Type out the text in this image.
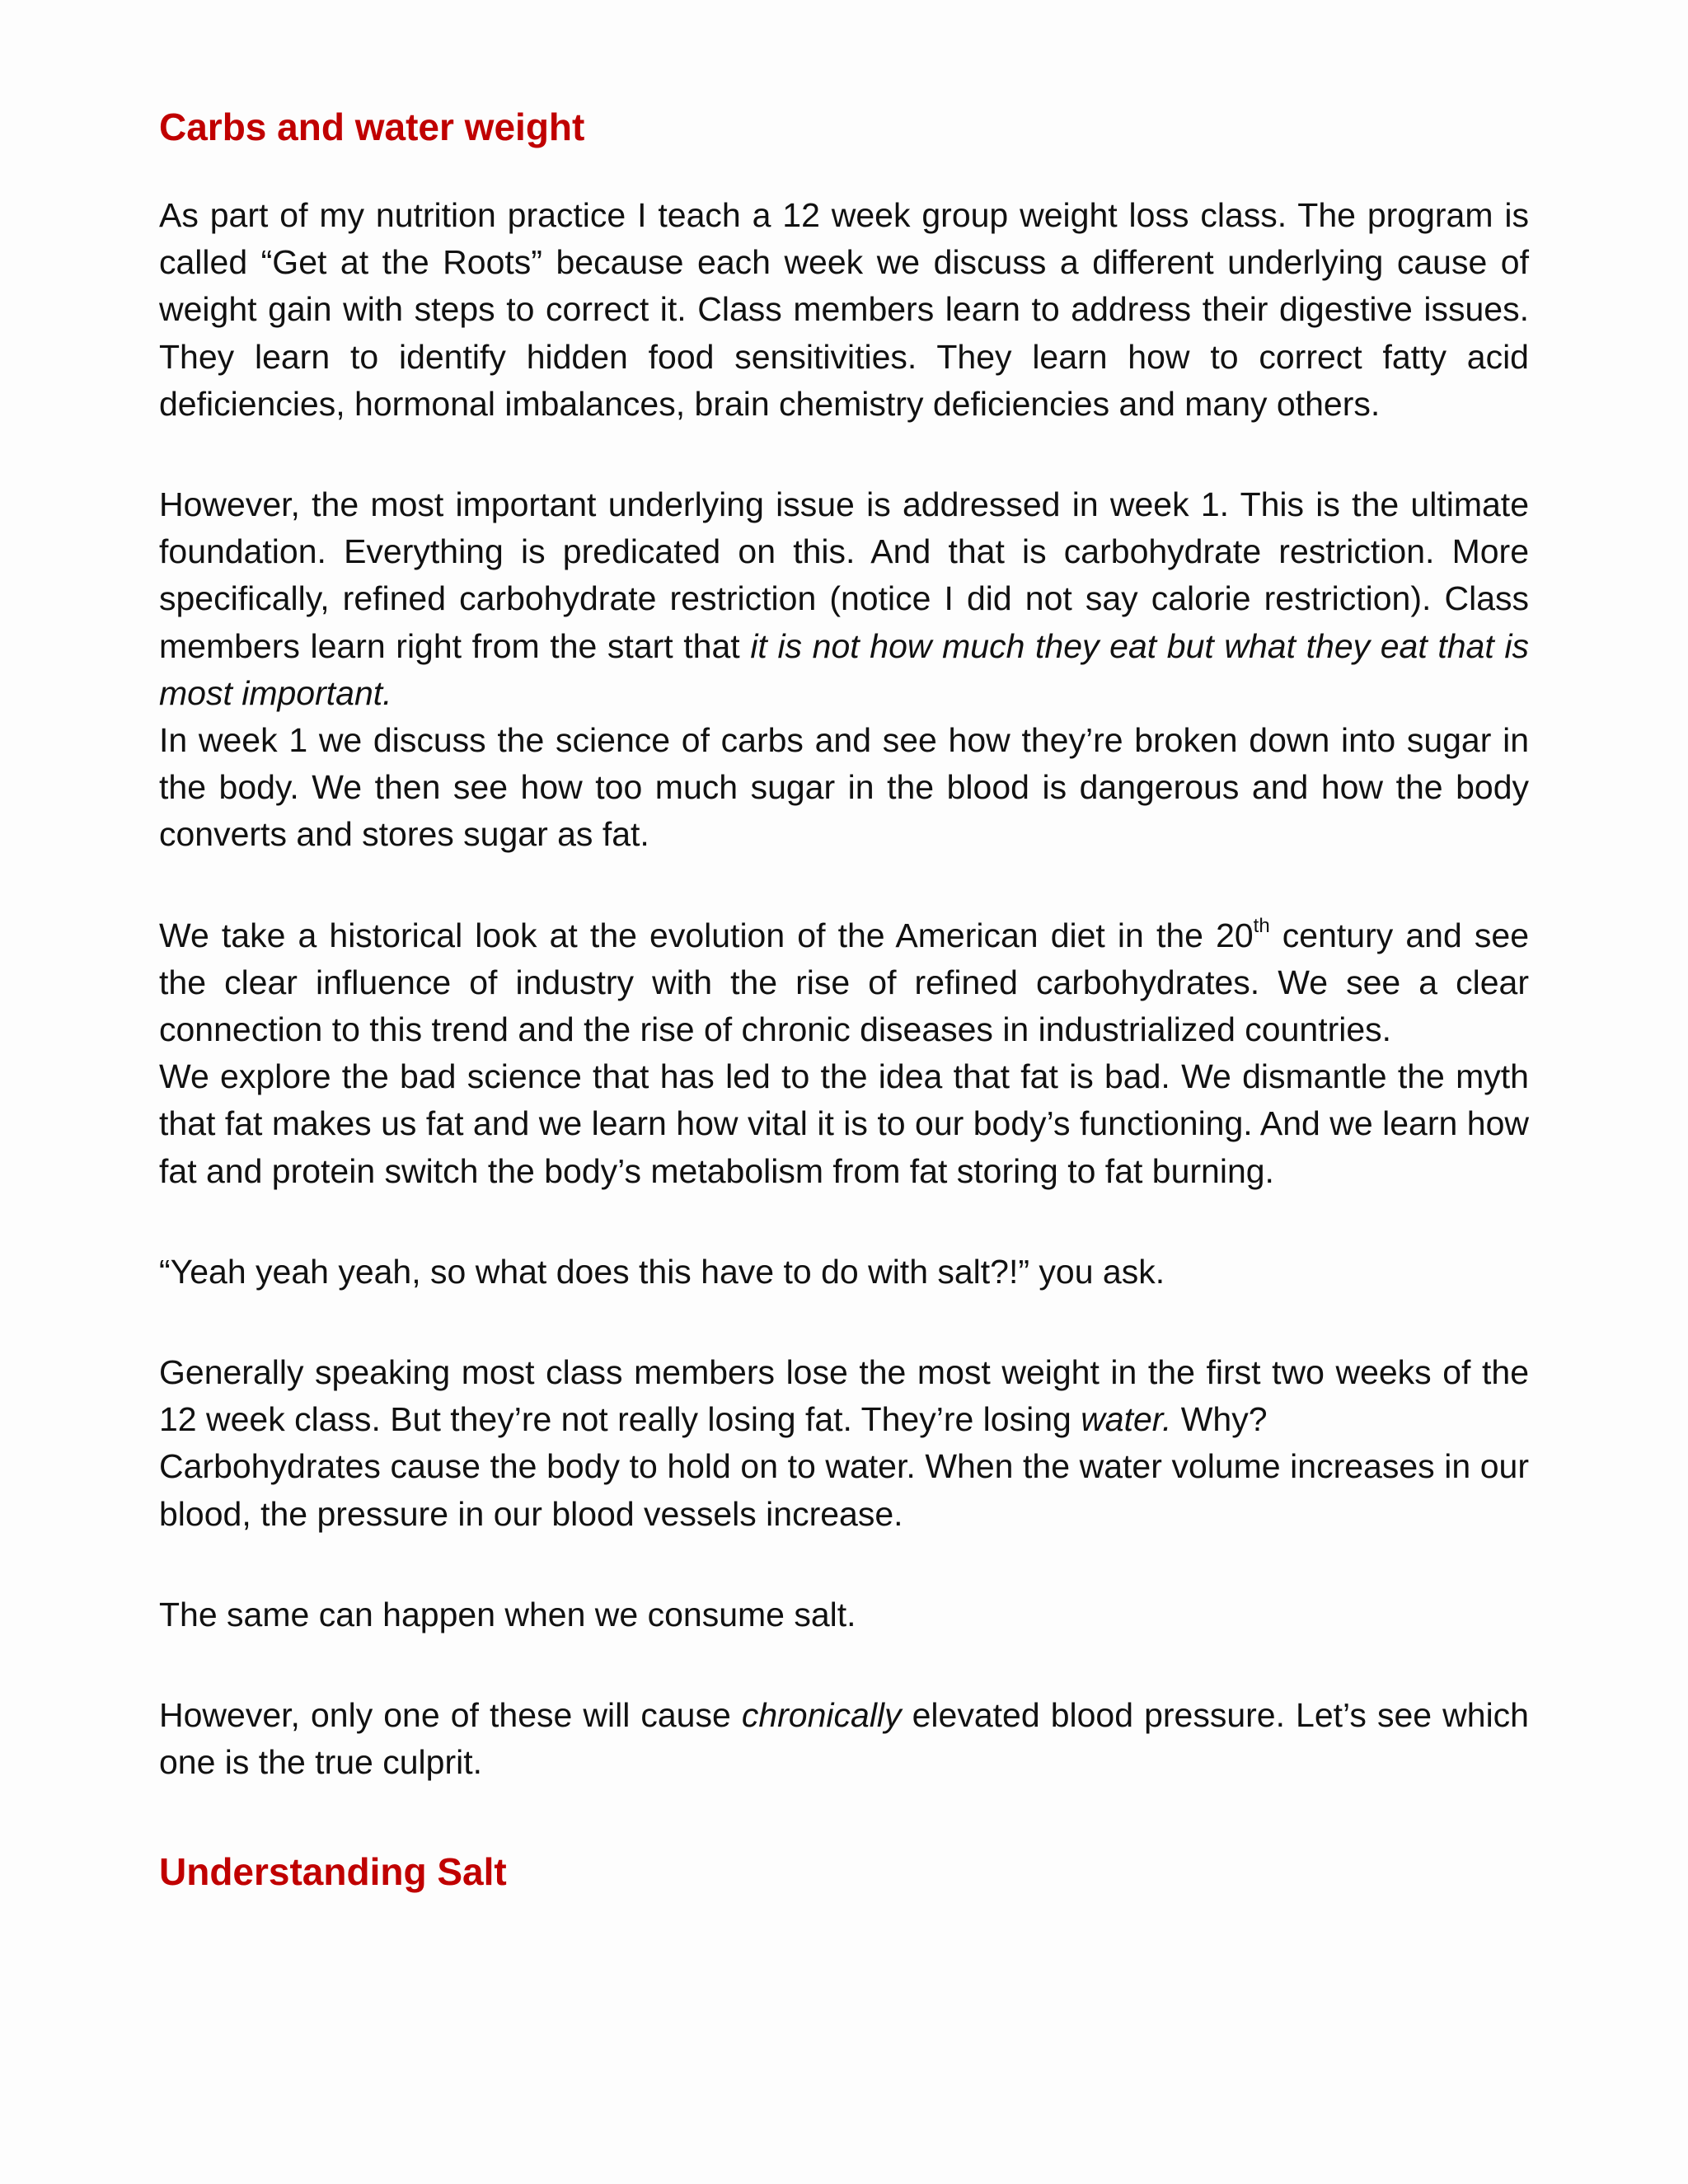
Carbs and water weight

As part of my nutrition practice I teach a 12 week group weight loss class. The program is called “Get at the Roots” because each week we discuss a different underlying cause of weight gain with steps to correct it. Class members learn to address their digestive issues. They learn to identify hidden food sensitivities. They learn how to correct fatty acid deficiencies, hormonal imbalances, brain chemistry deficiencies and many others.

However, the most important underlying issue is addressed in week 1. This is the ultimate foundation. Everything is predicated on this. And that is carbohydrate restriction. More specifically, refined carbohydrate restriction (notice I did not say calorie restriction). Class members learn right from the start that it is not how much they eat but what they eat that is most important.

In week 1 we discuss the science of carbs and see how they’re broken down into sugar in the body. We then see how too much sugar in the blood is dangerous and how the body converts and stores sugar as fat.

We take a historical look at the evolution of the American diet in the 20th century and see the clear influence of industry with the rise of refined carbohydrates. We see a clear connection to this trend and the rise of chronic diseases in industrialized countries.

We explore the bad science that has led to the idea that fat is bad. We dismantle the myth that fat makes us fat and we learn how vital it is to our body’s functioning. And we learn how fat and protein switch the body’s metabolism from fat storing to fat burning.

“Yeah yeah yeah, so what does this have to do with salt?!” you ask.

Generally speaking most class members lose the most weight in the first two weeks of the 12 week class. But they’re not really losing fat. They’re losing water. Why?

Carbohydrates cause the body to hold on to water. When the water volume increases in our blood, the pressure in our blood vessels increase.

The same can happen when we consume salt.

However, only one of these will cause chronically elevated blood pressure. Let’s see which one is the true culprit.

Understanding Salt
